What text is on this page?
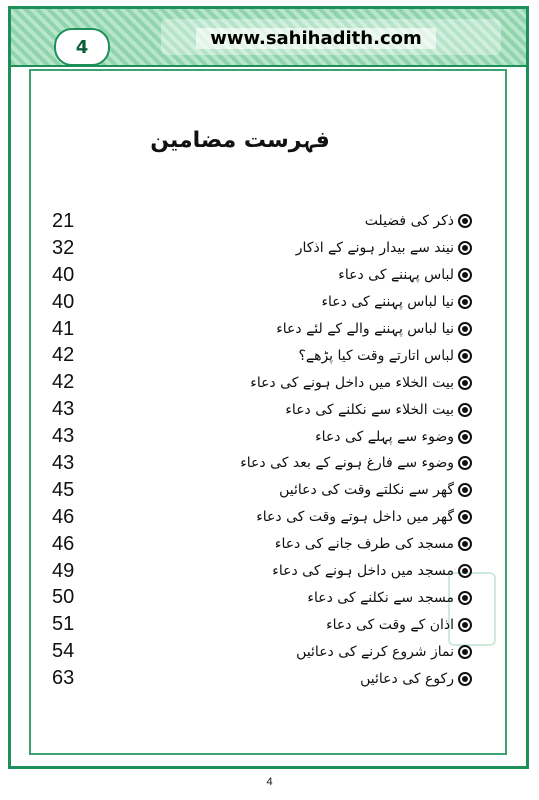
4	www.sahihadith.com
فہرست مضامین
21	ذکر کی فضیلت
32	نیند سے بیدار ہونے کے اذکار
40	لباس پہننے کی دعاء
40	نیا لباس پہننے کی دعاء
41	نیا لباس پہننے والے کے لئے دعاء
42	لباس اتارتے وقت کیا پڑھے؟
42	بیت الخلاء میں داخل ہونے کی دعاء
43	بیت الخلاء سے نکلنے کی دعاء
43	وضوء سے پہلے کی دعاء
43	وضوء سے فارغ ہونے کے بعد کی دعاء
45	گھر سے نکلتے وقت کی دعائیں
46	گھر میں داخل ہوتے وقت کی دعاء
46	مسجد کی طرف جانے کی دعاء
49	مسجد میں داخل ہونے کی دعاء
50	مسجد سے نکلنے کی دعاء
51	اذان کے وقت کی دعاء
54	نماز شروع کرنے کی دعائیں
63	رکوع کی دعائیں
4
